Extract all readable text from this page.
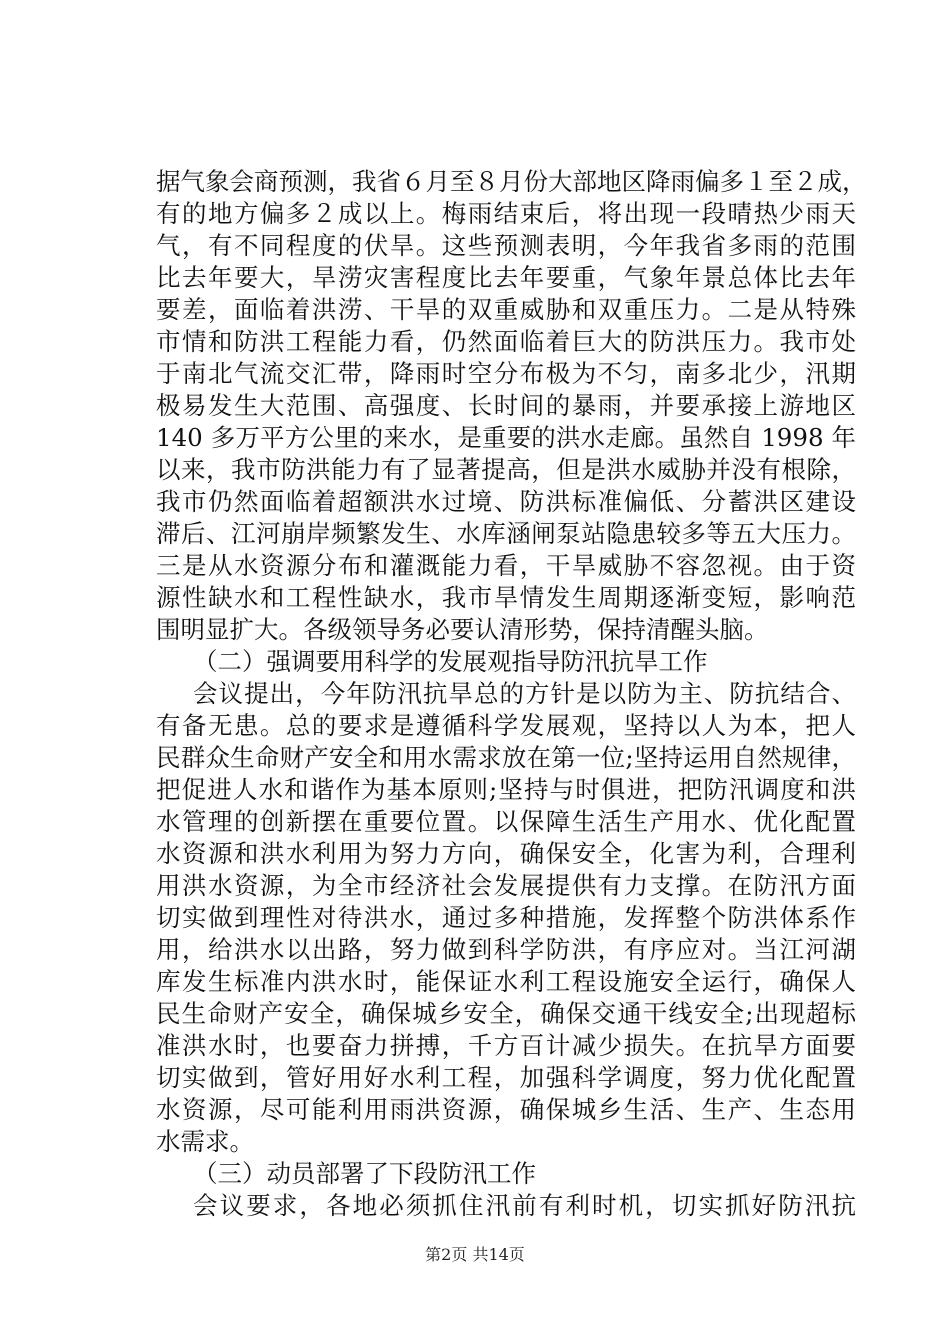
据气象会商预测，我省６月至８月份大部地区降雨偏多１至２成，
有的地方偏多２成以上。梅雨结束后，将出现一段晴热少雨天
气，有不同程度的伏旱。这些预测表明，今年我省多雨的范围
比去年要大，旱涝灾害程度比去年要重，气象年景总体比去年
要差，面临着洪涝、干旱的双重威胁和双重压力。二是从特殊
市情和防洪工程能力看，仍然面临着巨大的防洪压力。我市处
于南北气流交汇带，降雨时空分布极为不匀，南多北少，汛期
极易发生大范围、高强度、长时间的暴雨，并要承接上游地区
140 多万平方公里的来水，是重要的洪水走廊。虽然自 1998 年
以来，我市防洪能力有了显著提高，但是洪水威胁并没有根除，
我市仍然面临着超额洪水过境、防洪标准偏低、分蓄洪区建设
滞后、江河崩岸频繁发生、水库涵闸泵站隐患较多等五大压力。
三是从水资源分布和灌溉能力看，干旱威胁不容忽视。由于资
源性缺水和工程性缺水，我市旱情发生周期逐渐变短，影响范
围明显扩大。各级领导务必要认清形势，保持清醒头脑。
（二）强调要用科学的发展观指导防汛抗旱工作
会议提出，今年防汛抗旱总的方针是以防为主、防抗结合、
有备无患。总的要求是遵循科学发展观，坚持以人为本，把人
民群众生命财产安全和用水需求放在第一位;坚持运用自然规律，
把促进人水和谐作为基本原则;坚持与时俱进，把防汛调度和洪
水管理的创新摆在重要位置。以保障生活生产用水、优化配置
水资源和洪水利用为努力方向，确保安全，化害为利，合理利
用洪水资源，为全市经济社会发展提供有力支撑。在防汛方面
切实做到理性对待洪水，通过多种措施，发挥整个防洪体系作
用，给洪水以出路，努力做到科学防洪，有序应对。当江河湖
库发生标准内洪水时，能保证水利工程设施安全运行，确保人
民生命财产安全，确保城乡安全，确保交通干线安全;出现超标
准洪水时，也要奋力拼搏，千方百计减少损失。在抗旱方面要
切实做到，管好用好水利工程，加强科学调度，努力优化配置
水资源，尽可能利用雨洪资源，确保城乡生活、生产、生态用
水需求。
（三）动员部署了下段防汛工作
会议要求，各地必须抓住汛前有利时机，切实抓好防汛抗
第2页 共14页
